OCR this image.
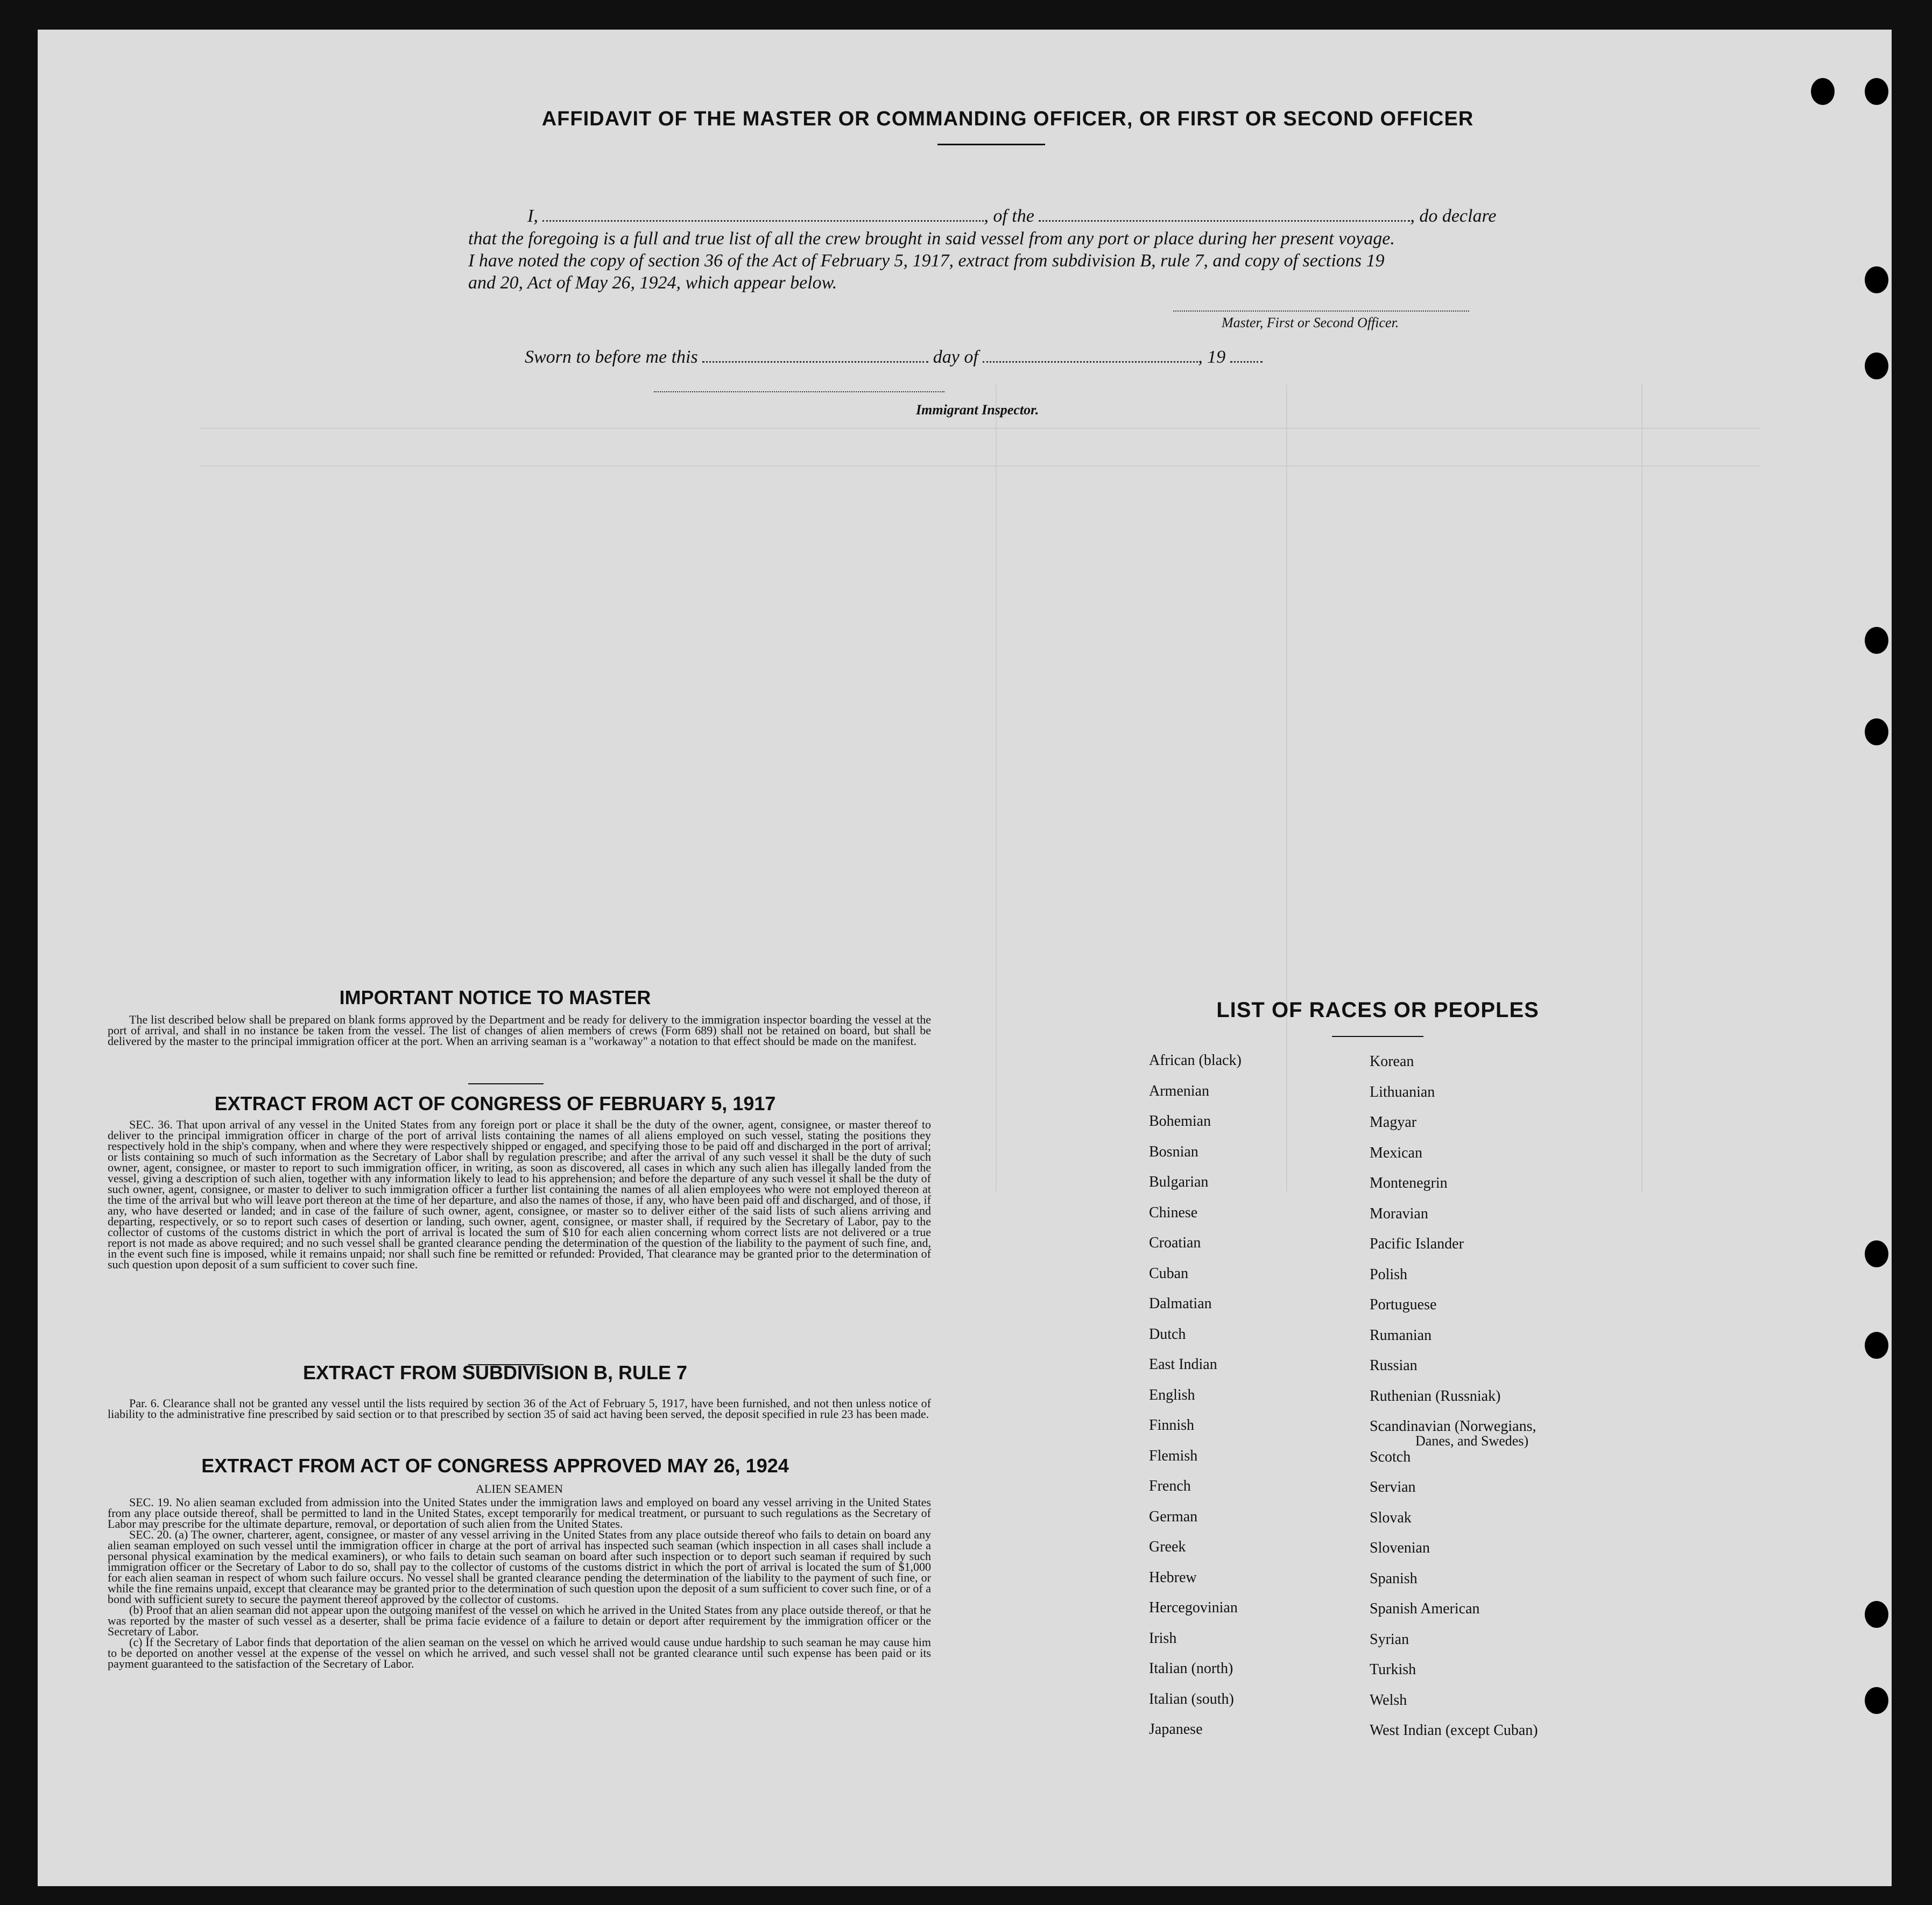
AFFIDAVIT OF THE MASTER OR COMMANDING OFFICER, OR FIRST OR SECOND OFFICER
I,	, of the	, do declare
that the foregoing is a full and true list of all the crew brought in said vessel from any port or place during her present voyage.
I have noted the copy of section 36 of the Act of February 5, 1917, extract from subdivision B, rule 7, and copy of sections 19
and 20, Act of May 26, 1924, which appear below.
Master, First or Second Officer.
Sworn to before me this	day of	, 19
Immigrant Inspector.
IMPORTANT NOTICE TO MASTER
The list described below shall be prepared on blank forms approved by the Department and be ready for delivery to the immigration inspector boarding the vessel at the port of arrival, and shall in no instance be taken from the vessel. The list of changes of alien members of crews (Form 689) shall not be retained on board, but shall be delivered by the master to the principal immigration officer at the port. When an arriving seaman is a "workaway" a notation to that effect should be made on the manifest.
EXTRACT FROM ACT OF CONGRESS OF FEBRUARY 5, 1917
SEC. 36. That upon arrival of any vessel in the United States from any foreign port or place it shall be the duty of the owner, agent, consignee, or master thereof to deliver to the principal immigration officer in charge of the port of arrival lists containing the names of all aliens employed on such vessel, stating the positions they respectively hold in the ship's company, when and where they were respectively shipped or engaged, and specifying those to be paid off and discharged in the port of arrival; or lists containing so much of such information as the Secretary of Labor shall by regulation prescribe; and after the arrival of any such vessel it shall be the duty of such owner, agent, consignee, or master to report to such immigration officer, in writing, as soon as discovered, all cases in which any such alien has illegally landed from the vessel, giving a description of such alien, together with any information likely to lead to his apprehension; and before the departure of any such vessel it shall be the duty of such owner, agent, consignee, or master to deliver to such immigration officer a further list containing the names of all alien employees who were not employed thereon at the time of the arrival but who will leave port thereon at the time of her departure, and also the names of those, if any, who have been paid off and discharged, and of those, if any, who have deserted or landed; and in case of the failure of such owner, agent, consignee, or master so to deliver either of the said lists of such aliens arriving and departing, respectively, or so to report such cases of desertion or landing, such owner, agent, consignee, or master shall, if required by the Secretary of Labor, pay to the collector of customs of the customs district in which the port of arrival is located the sum of $10 for each alien concerning whom correct lists are not delivered or a true report is not made as above required; and no such vessel shall be granted clearance pending the determination of the question of the liability to the payment of such fine, and, in the event such fine is imposed, while it remains unpaid; nor shall such fine be remitted or refunded: Provided, That clearance may be granted prior to the determination of such question upon deposit of a sum sufficient to cover such fine.
EXTRACT FROM SUBDIVISION B, RULE 7
Par. 6. Clearance shall not be granted any vessel until the lists required by section 36 of the Act of February 5, 1917, have been furnished, and not then unless notice of liability to the administrative fine prescribed by said section or to that prescribed by section 35 of said act having been served, the deposit specified in rule 23 has been made.
EXTRACT FROM ACT OF CONGRESS APPROVED MAY 26, 1924
ALIEN SEAMEN

SEC. 19. No alien seaman excluded from admission into the United States under the immigration laws and employed on board any vessel arriving in the United States from any place outside thereof, shall be permitted to land in the United States, except temporarily for medical treatment, or pursuant to such regulations as the Secretary of Labor may prescribe for the ultimate departure, removal, or deportation of such alien from the United States.

SEC. 20. (a) The owner, charterer, agent, consignee, or master of any vessel arriving in the United States from any place outside thereof who fails to detain on board any alien seaman employed on such vessel until the immigration officer in charge at the port of arrival has inspected such seaman (which inspection in all cases shall include a personal physical examination by the medical examiners), or who fails to detain such seaman on board after such inspection or to deport such seaman if required by such immigration officer or the Secretary of Labor to do so, shall pay to the collector of customs of the customs district in which the port of arrival is located the sum of $1,000 for each alien seaman in respect of whom such failure occurs. No vessel shall be granted clearance pending the determination of the liability to the payment of such fine, or while the fine remains unpaid, except that clearance may be granted prior to the determination of such question upon the deposit of a sum sufficient to cover such fine, or of a bond with sufficient surety to secure the payment thereof approved by the collector of customs.

(b) Proof that an alien seaman did not appear upon the outgoing manifest of the vessel on which he arrived in the United States from any place outside thereof, or that he was reported by the master of such vessel as a deserter, shall be prima facie evidence of a failure to detain or deport after requirement by the immigration officer or the Secretary of Labor.

(c) If the Secretary of Labor finds that deportation of the alien seaman on the vessel on which he arrived would cause undue hardship to such seaman he may cause him to be deported on another vessel at the expense of the vessel on which he arrived, and such vessel shall not be granted clearance until such expense has been paid or its payment guaranteed to the satisfaction of the Secretary of Labor.

LIST OF RACES OR PEOPLES
African (black)
Armenian
Bohemian
Bosnian
Bulgarian
Chinese
Croatian
Cuban
Dalmatian
Dutch
East Indian
English
Finnish
Flemish
French
German
Greek
Hebrew
Hercegovinian
Irish
Italian (north)
Italian (south)
Japanese
Korean
Lithuanian
Magyar
Mexican
Montenegrin
Moravian
Pacific Islander
Polish
Portuguese
Rumanian
Russian
Ruthenian (Russniak)
Scandinavian (Norwegians,
Danes, and Swedes)
Scotch
Servian
Slovak
Slovenian
Spanish
Spanish American
Syrian
Turkish
Welsh
West Indian (except Cuban)
